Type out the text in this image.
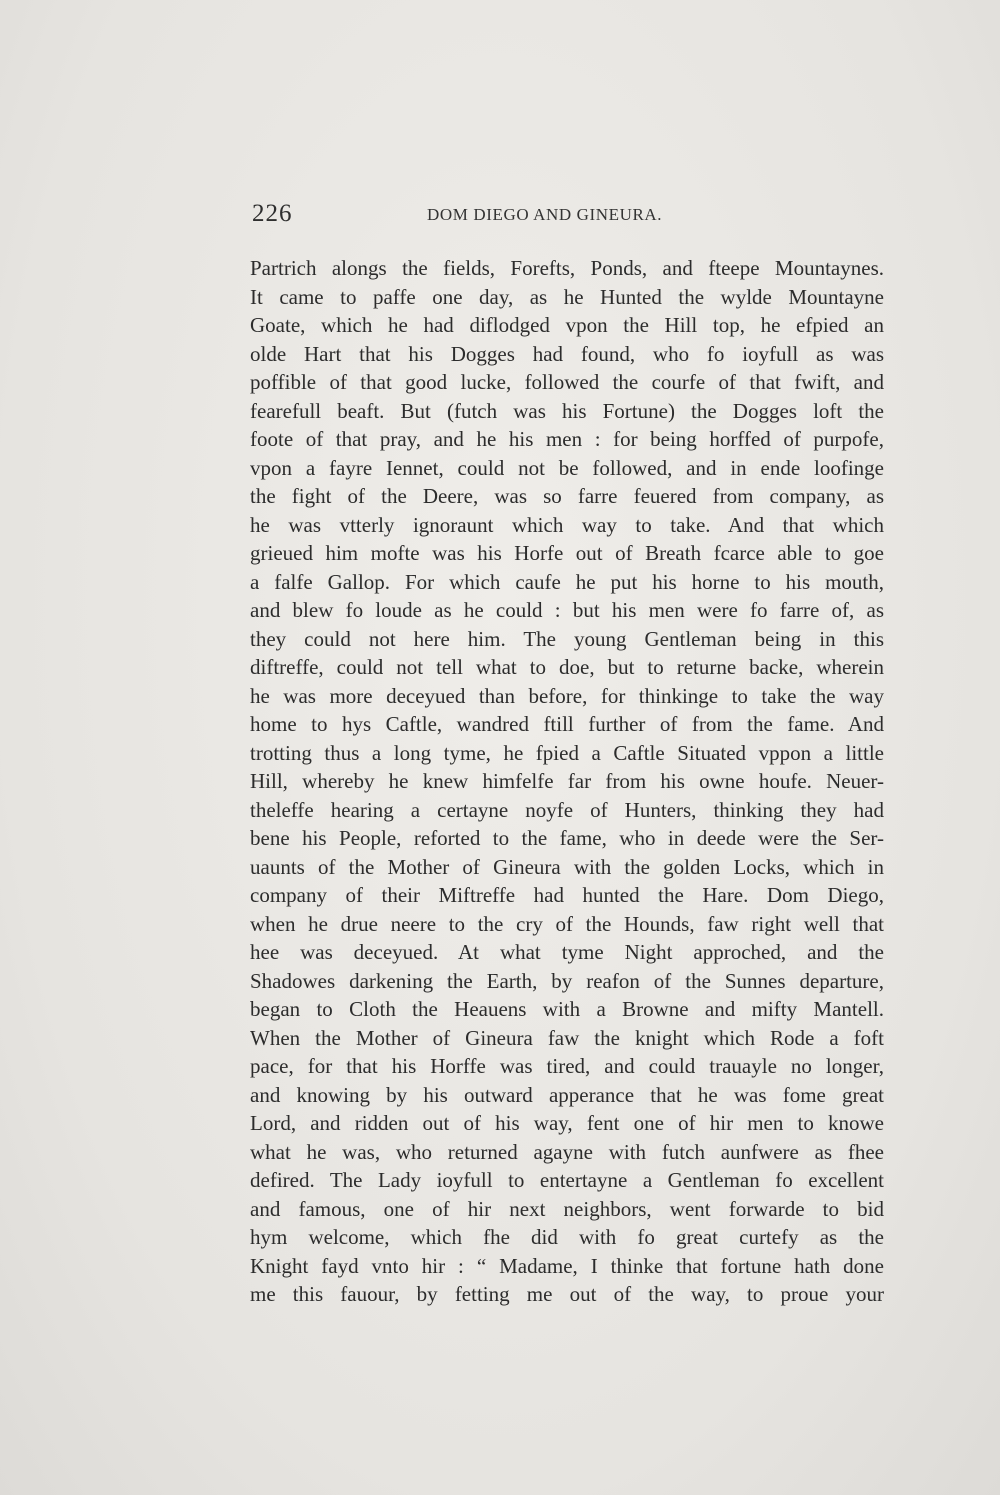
226	DOM DIEGO AND GINEURA.
Partrich alongs the fields, Forefts, Ponds, and fteepe Mountaynes.
It came to paffe one day, as he Hunted the wylde Mountayne
Goate, which he had diflodged vpon the Hill top, he efpied an
olde Hart that his Dogges had found, who fo ioyfull as was
poffible of that good lucke, followed the courfe of that fwift, and
fearefull beaft. But (futch was his Fortune) the Dogges loft the
foote of that pray, and he his men : for being horffed of purpofe,
vpon a fayre Iennet, could not be followed, and in ende loofinge
the fight of the Deere, was so farre feuered from company, as
he was vtterly ignoraunt which way to take. And that which
grieued him mofte was his Horfe out of Breath fcarce able to goe
a falfe Gallop. For which caufe he put his horne to his mouth,
and blew fo loude as he could : but his men were fo farre of, as
they could not here him. The young Gentleman being in this
diftreffe, could not tell what to doe, but to returne backe, wherein
he was more deceyued than before, for thinkinge to take the way
home to hys Caftle, wandred ftill further of from the fame. And
trotting thus a long tyme, he fpied a Caftle Situated vppon a little
Hill, whereby he knew himfelfe far from his owne houfe. Neuer-
theleffe hearing a certayne noyfe of Hunters, thinking they had
bene his People, reforted to the fame, who in deede were the Ser-
uaunts of the Mother of Gineura with the golden Locks, which in
company of their Miftreffe had hunted the Hare. Dom Diego,
when he drue neere to the cry of the Hounds, faw right well that
hee was deceyued. At what tyme Night approched, and the
Shadowes darkening the Earth, by reafon of the Sunnes departure,
began to Cloth the Heauens with a Browne and mifty Mantell.
When the Mother of Gineura faw the knight which Rode a foft
pace, for that his Horffe was tired, and could trauayle no longer,
and knowing by his outward apperance that he was fome great
Lord, and ridden out of his way, fent one of hir men to knowe
what he was, who returned agayne with futch aunfwere as fhee
defired. The Lady ioyfull to entertayne a Gentleman fo excellent
and famous, one of hir next neighbors, went forwarde to bid
hym welcome, which fhe did with fo great curtefy as the
Knight fayd vnto hir : “ Madame, I thinke that fortune hath done
me this fauour, by fetting me out of the way, to proue your
